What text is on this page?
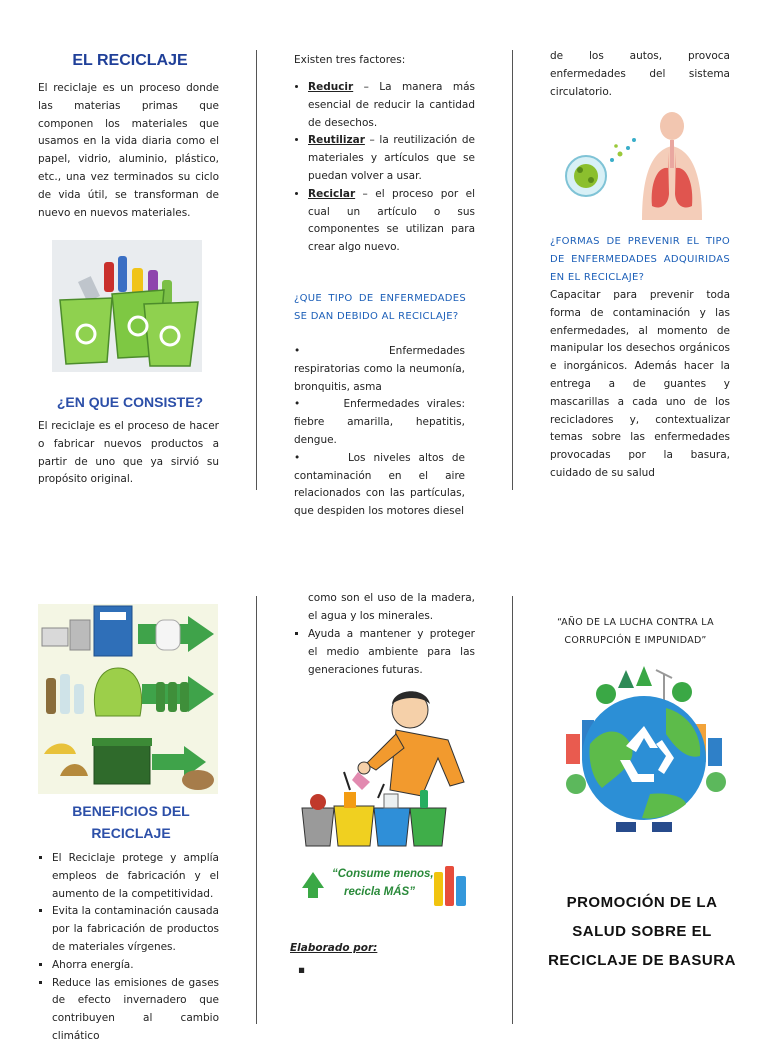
EL RECICLAJE
El reciclaje es un proceso donde las materias primas que componen los materiales que usamos en la vida diaria como el papel, vidrio, aluminio, plástico, etc., una vez terminados su ciclo de vida útil, se transforman de nuevo en nuevos materiales.
¿EN QUE CONSISTE?
El reciclaje es el proceso de hacer o fabricar nuevos productos a partir de uno que ya sirvió su propósito original.
Existen tres factores:
• Reducir – La manera más esencial de reducir la cantidad de desechos.
• Reutilizar – la reutilización de materiales y artículos que se puedan volver a usar.
• Reciclar – el proceso por el cual un artículo o sus componentes se utilizan para crear algo nuevo.
¿QUE TIPO DE ENFERMEDADES SE DAN DEBIDO AL RECICLAJE?
•      Enfermedades respiratorias como la neumonía, bronquitis, asma
•      Enfermedades virales: fiebre amarilla, hepatitis, dengue.
•      Los niveles altos de contaminación en el aire relacionados con las partículas, que despiden los motores diesel
de los autos, provoca enfermedades del sistema circulatorio.
¿FORMAS DE PREVENIR EL TIPO DE ENFERMEDADES ADQUIRIDAS EN EL RECICLAJE?
Capacitar para prevenir toda forma de contaminación y las enfermedades, al momento de manipular los desechos orgánicos e inorgánicos. Además hacer la entrega a de guantes y mascarillas a cada uno de los recicladores y, contextualizar temas sobre las enfermedades provocadas por la basura, cuidado de su salud
BENEFICIOS DEL RECICLAJE
▪ El Reciclaje protege y amplía empleos de fabricación y el aumento de la competitividad.
▪ Evita la contaminación causada por la fabricación de productos de materiales vírgenes.
▪ Ahorra energía.
▪ Reduce las emisiones de gases de efecto invernadero que contribuyen al cambio climático
como son el uso de la madera, el agua y los minerales.
▪ Ayuda a mantener y proteger el medio ambiente para las generaciones futuras.
“Consume menos,
recicla MÁS”
Elaborado por:
▪
“AÑO DE LA LUCHA CONTRA LA CORRUPCIÓN E IMPUNIDAD”
PROMOCIÓN DE LA SALUD SOBRE EL RECICLAJE DE BASURA
